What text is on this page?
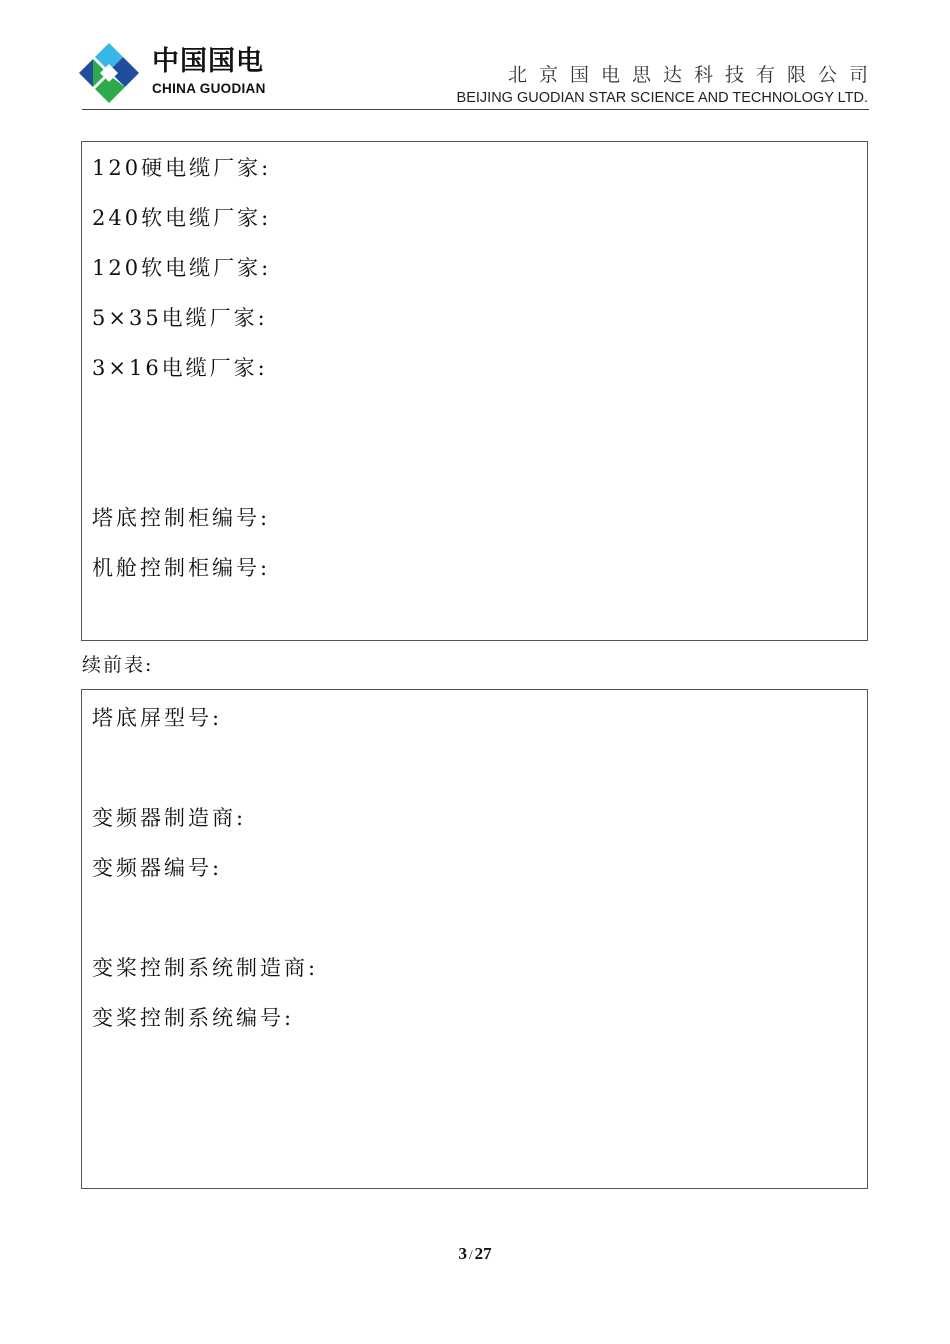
中国国电
CHINA GUODIAN
北京国电思达科技有限公司
BEIJING GUODIAN STAR SCIENCE AND TECHNOLOGY LTD.
120硬电缆厂家:
240软电缆厂家:
120软电缆厂家:
5×35电缆厂家:
3×16电缆厂家:
塔底控制柜编号:
机舱控制柜编号:
续前表:
塔底屏型号:
变频器制造商:
变频器编号:
变桨控制系统制造商:
变桨控制系统编号:
3 / 27
